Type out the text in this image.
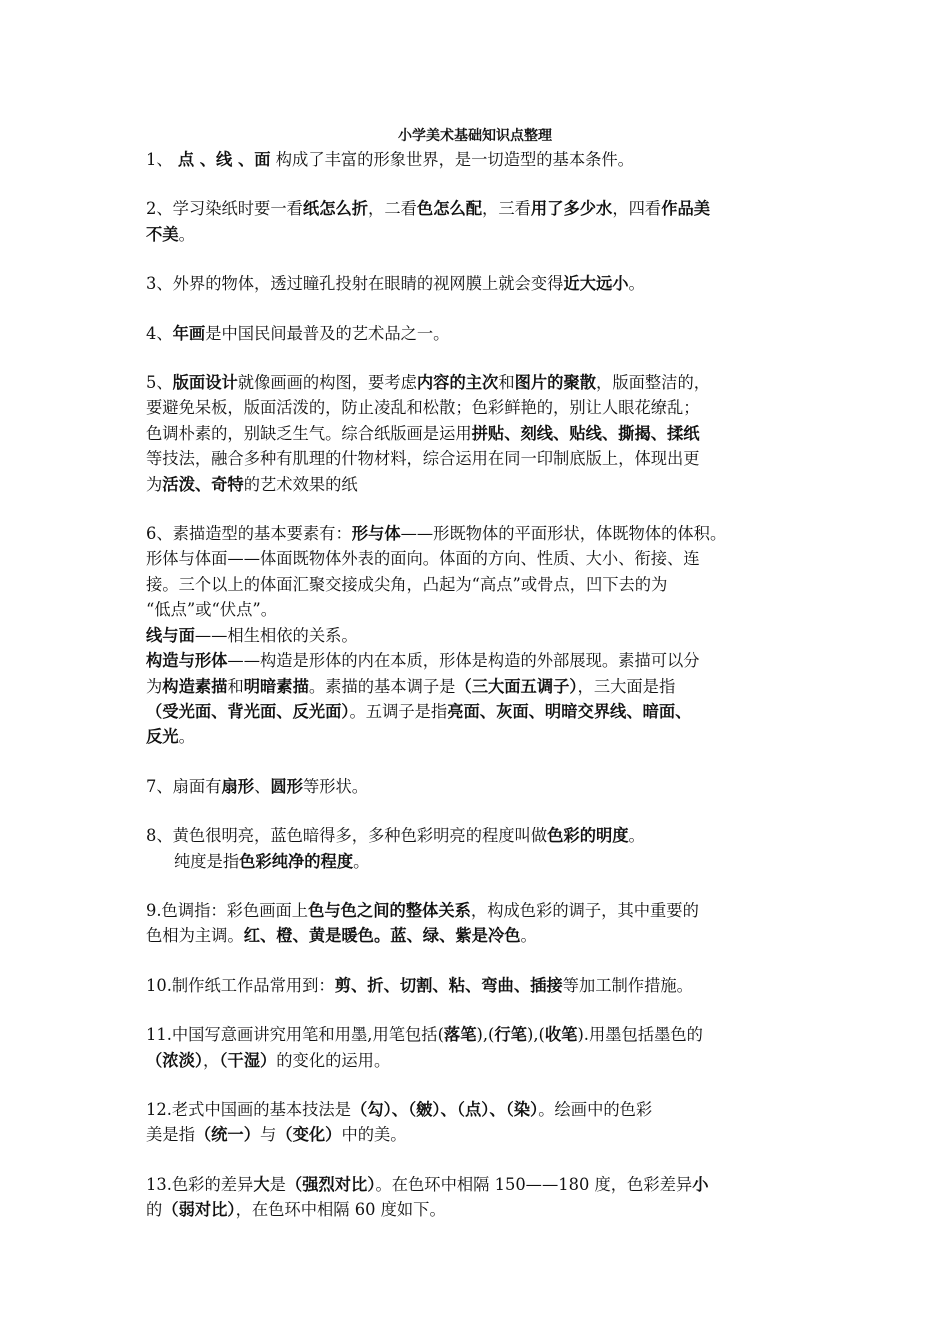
小学美术基础知识点整理
1、 点 、线 、面 构成了丰富的形象世界，是一切造型的基本条件。
2、学习染纸时要一看纸怎么折，二看色怎么配，三看用了多少水，四看作品美
不美。
3、外界的物体，透过瞳孔投射在眼睛的视网膜上就会变得近大远小。
4、年画是中国民间最普及的艺术品之一。
5、版面设计就像画画的构图，要考虑内容的主次和图片的聚散，版面整洁的，
要避免呆板，版面活泼的，防止凌乱和松散；色彩鲜艳的，别让人眼花缭乱；
色调朴素的，别缺乏生气。综合纸版画是运用拼贴、刻线、贴线、撕揭、揉纸
等技法，融合多种有肌理的什物材料，综合运用在同一印制底版上，体现出更
为活泼、奇特的艺术效果的纸
6、素描造型的基本要素有：形与体——形既物体的平面形状，体既物体的体积。
形体与体面——体面既物体外表的面向。体面的方向、性质、大小、衔接、连
接。三个以上的体面汇聚交接成尖角，凸起为“高点”或骨点，凹下去的为
“低点”或“伏点”。
线与面——相生相依的关系。
构造与形体——构造是形体的内在本质，形体是构造的外部展现。素描可以分
为构造素描和明暗素描。素描的基本调子是（三大面五调子），三大面是指
（受光面、背光面、反光面）。五调子是指亮面、灰面、明暗交界线、暗面、
反光。
7、扇面有扇形、圆形等形状。
8、黄色很明亮，蓝色暗得多，多种色彩明亮的程度叫做色彩的明度。
纯度是指色彩纯净的程度。
9.色调指：彩色画面上色与色之间的整体关系，构成色彩的调子，其中重要的
色相为主调。红、橙、黄是暖色。蓝、绿、紫是冷色。
10.制作纸工作品常用到：剪、折、切割、粘、弯曲、插接等加工制作措施。
11.中国写意画讲究用笔和用墨,用笔包括(落笔),(行笔),(收笔).用墨包括墨色的
（浓淡），（干湿）的变化的运用。
12.老式中国画的基本技法是（勾）、（皴）、（点）、（染）。绘画中的色彩
美是指（统一）与（变化）中的美。
13.色彩的差异大是（强烈对比）。在色环中相隔 150——180 度，色彩差异小
的（弱对比），在色环中相隔 60 度如下。
